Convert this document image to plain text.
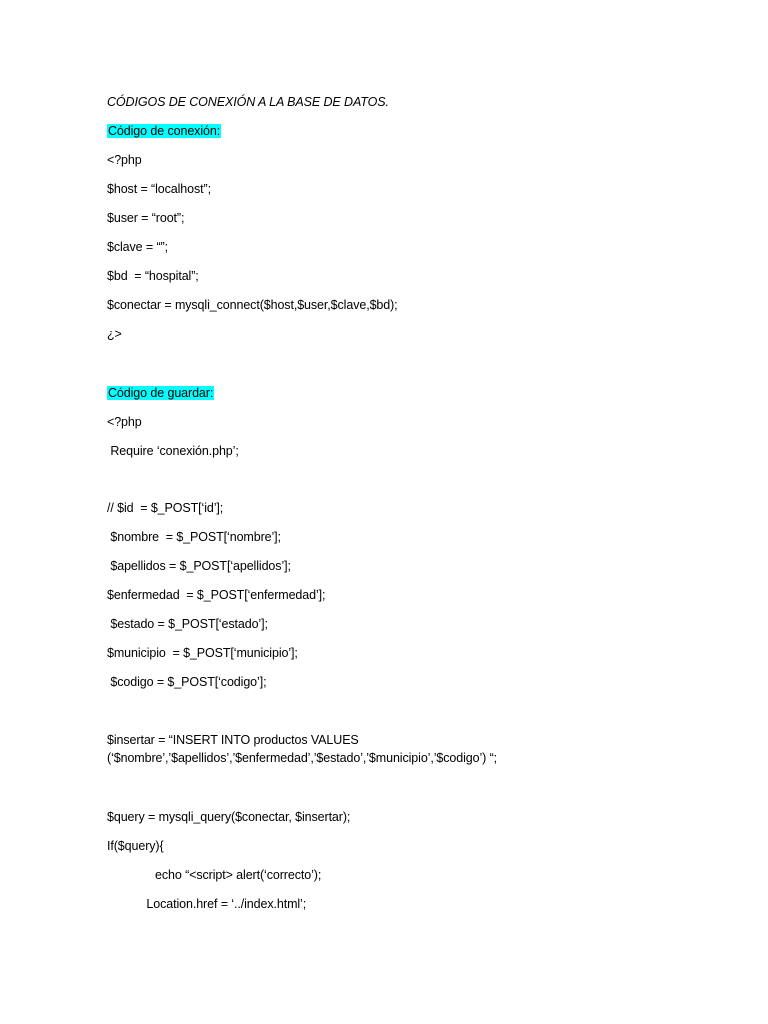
CÓDIGOS DE CONEXIÓN A LA BASE DE DATOS.
Código de conexión:
<?php
$host = “localhost”;
$user = “root”;
$clave = “”;
$bd  = “hospital”;
$conectar = mysqli_connect($host,$user,$clave,$bd);
¿>
Código de guardar:
<?php
Require ‘conexión.php’;
// $id  = $_POST[‘id’];
$nombre  = $_POST[‘nombre’];
$apellidos = $_POST[‘apellidos’];
$enfermedad  = $_POST[‘enfermedad’];
$estado = $_POST[‘estado’];
$municipio  = $_POST[‘municipio’];
$codigo = $_POST[‘codigo’];
$insertar = “INSERT INTO productos VALUES
(‘$nombre’,’$apellidos’,’$enfermedad’,’$estado’,’$municipio’,’$codigo’) “;
$query = mysqli_query($conectar, $insertar);
If($query){
echo “<script> alert(‘correcto’);
Location.href = ‘../index.html’;
